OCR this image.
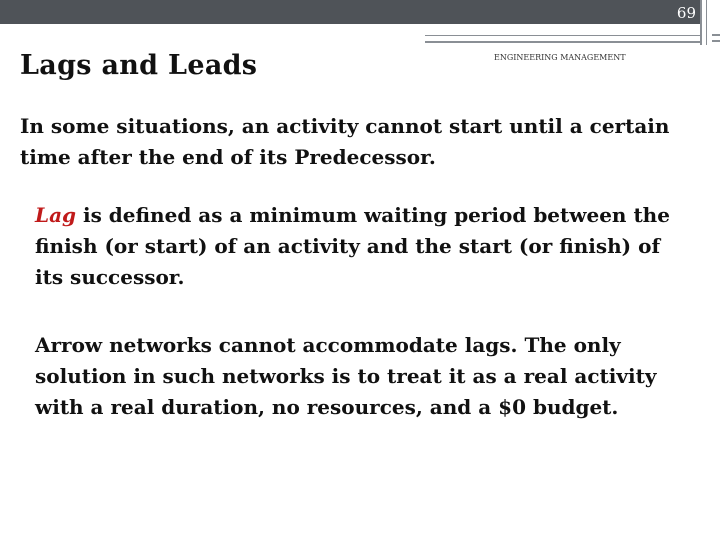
69
Lags and Leads	ENGINEERING MANAGEMENT

In some situations, an activity cannot start until a certain time after the end of its Predecessor.

Lag is defined as a minimum waiting period between the finish (or start) of an activity and the start (or finish) of its successor.

Arrow networks cannot accommodate lags. The only solution in such networks is to treat it as a real activity with a real duration, no resources, and a $0 budget.
